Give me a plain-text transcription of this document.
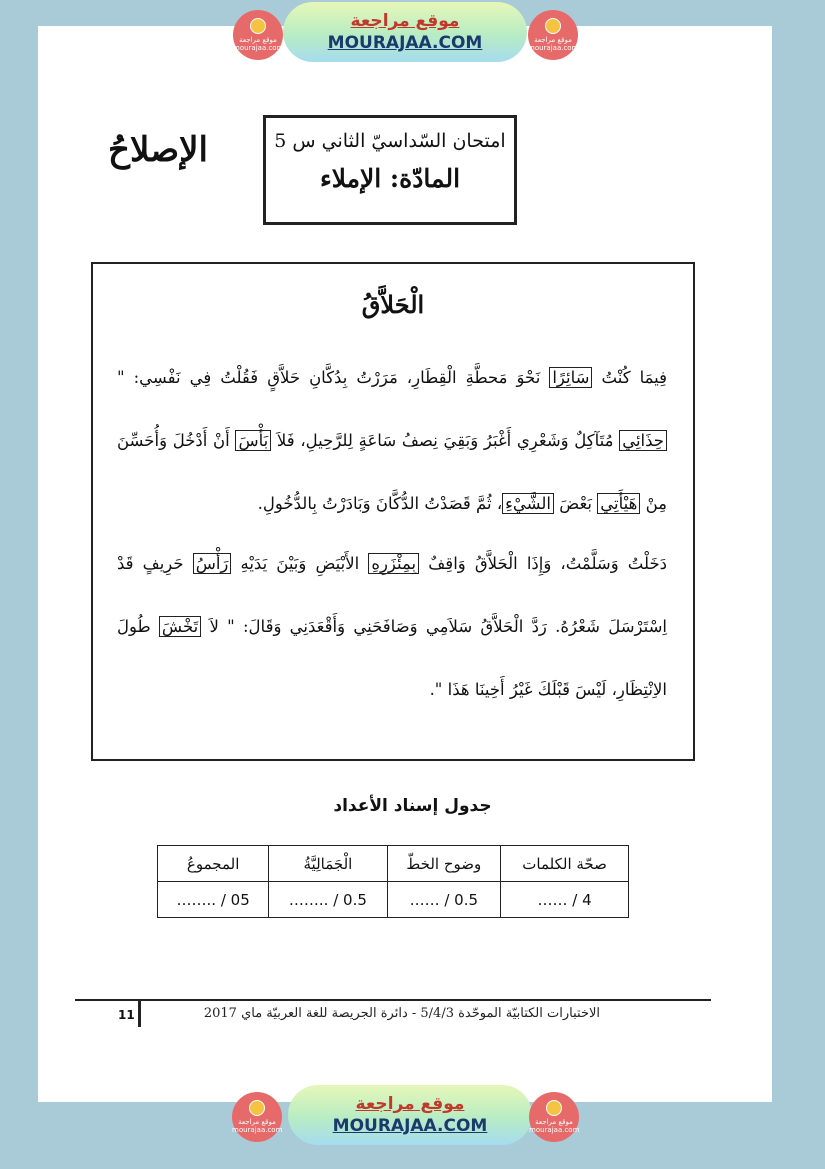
موقع مراجعة mourajaa.com
موقع مراجعة
MOURAJAA.COM	موقع مراجعة mourajaa.com
الإصلاحُ	امتحان السّداسيّ الثاني س 5
المادّة: الإملاء
الْحَلاَّقُ

فِيمَا كُنْتُ سَائِرًا نَحْوَ مَحطَّةِ الْقِطَارِ، مَرَرْتُ بِدُكَّانِ حَلاَّقٍ فَقُلْتُ فِي نَفْسِي: " حِذَائِي مُتَآكِلٌ وَشَعْرِي أَغْبَرُ وَبَقِيَ نِصفُ سَاعَةٍ لِلرَّحِيلِ، فَلاَ بَأْسَ أَنْ أَدْخُلَ وَأُحَسِّنَ مِنْ هَيْأَتِي بَعْضَ الشَّيْءِ، ثُمَّ قَصَدْتُ الدُّكَّانَ وَبَادَرْتُ بِالدُّخُولِ.

دَخَلْتُ وَسَلَّمْتُ، وَإِذَا الْحَلاَّقُ وَاقِفٌ بِمِئْزَرِهِ الأَبْيَضِ وَبَيْنَ يَدَيْهِ رَأْسُ حَرِيفٍ قَدْ اِسْتَرْسَلَ شَعْرُهُ. رَدَّ الْحَلاَّقُ سَلاَمِي وَصَافَحَنِي وَأَقْعَدَنِي وَقَالَ: " لاَ تَخْشَ طُولَ الاِنْتِظَارِ، لَيْسَ قَبْلَكَ غَيْرُ أَخِينَا هَذَا ".

جدول إسناد الأعداد
صحّة الكلمات	وضوح الخطّ	الْجَمَالِيَّةُ	المجموعُ
…… / 4	…… / 0.5	…….. / 0.5	…….. / 05
11	الاختبارات الكتابيّة الموحّدة 5/4/3 - دائرة الجريصة للغة العربيّة ماي 2017
موقع مراجعة mourajaa.com
موقع مراجعة
MOURAJAA.COM	موقع مراجعة mourajaa.com
